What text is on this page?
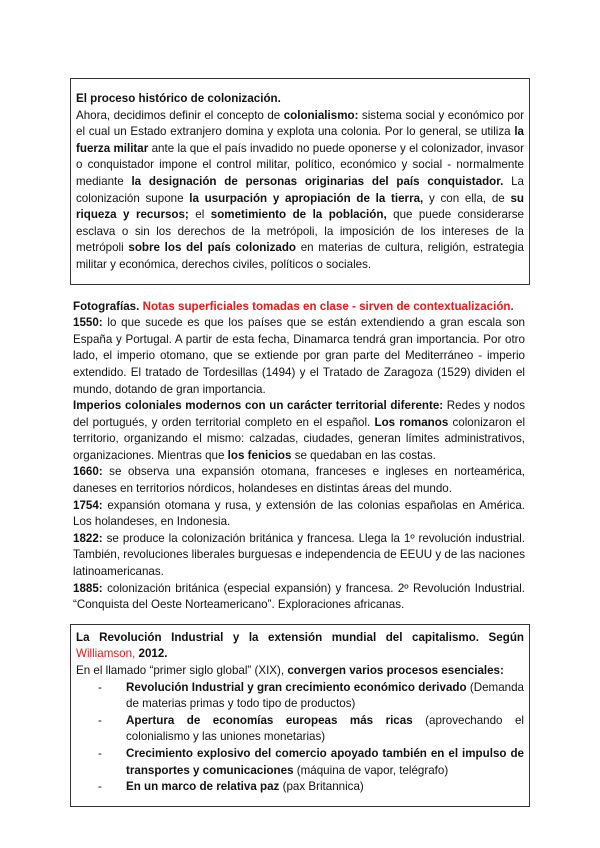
El proceso histórico de colonización.

Ahora, decidimos definir el concepto de colonialismo: sistema social y económico por el cual un Estado extranjero domina y explota una colonia. Por lo general, se utiliza la fuerza militar ante la que el país invadido no puede oponerse y el colonizador, invasor o conquistador impone el control militar, político, económico y social - normalmente mediante la designación de personas originarias del país conquistador. La colonización supone la usurpación y apropiación de la tierra, y con ella, de su riqueza y recursos; el sometimiento de la población, que puede considerarse esclava o sin los derechos de la metrópoli, la imposición de los intereses de la metrópoli sobre los del país colonizado en materias de cultura, religión, estrategia militar y económica, derechos civiles, políticos o sociales.

Fotografías. Notas superficiales tomadas en clase - sirven de contextualización.

1550: lo que sucede es que los países que se están extendiendo a gran escala son España y Portugal. A partir de esta fecha, Dinamarca tendrá gran importancia. Por otro lado, el imperio otomano, que se extiende por gran parte del Mediterráneo - imperio extendido. El tratado de Tordesillas (1494) y el Tratado de Zaragoza (1529) dividen el mundo, dotando de gran importancia.

Imperios coloniales modernos con un carácter territorial diferente: Redes y nodos del portugués, y orden territorial completo en el español. Los romanos colonizaron el territorio, organizando el mismo: calzadas, ciudades, generan límites administrativos, organizaciones. Mientras que los fenicios se quedaban en las costas.

1660: se observa una expansión otomana, franceses e ingleses en norteamérica, daneses en territorios nórdicos, holandeses en distintas áreas del mundo.

1754: expansión otomana y rusa, y extensión de las colonias españolas en América. Los holandeses, en Indonesia.

1822: se produce la colonización británica y francesa. Llega la 1º revolución industrial. También, revoluciones liberales burguesas e independencia de EEUU y de las naciones latinoamericanas.

1885: colonización británica (especial expansión) y francesa. 2º Revolución Industrial. “Conquista del Oeste Norteamericano”. Exploraciones africanas.

La Revolución Industrial y la extensión mundial del capitalismo. Según Williamson, 2012.

En el llamado “primer siglo global” (XIX), convergen varios procesos esenciales:

- Revolución Industrial y gran crecimiento económico derivado (Demanda de materias primas y todo tipo de productos)
- Apertura de economías europeas más ricas (aprovechando el colonialismo y las uniones monetarias)
- Crecimiento explosivo del comercio apoyado también en el impulso de transportes y comunicaciones (máquina de vapor, telégrafo)
- En un marco de relativa paz (pax Britannica)
